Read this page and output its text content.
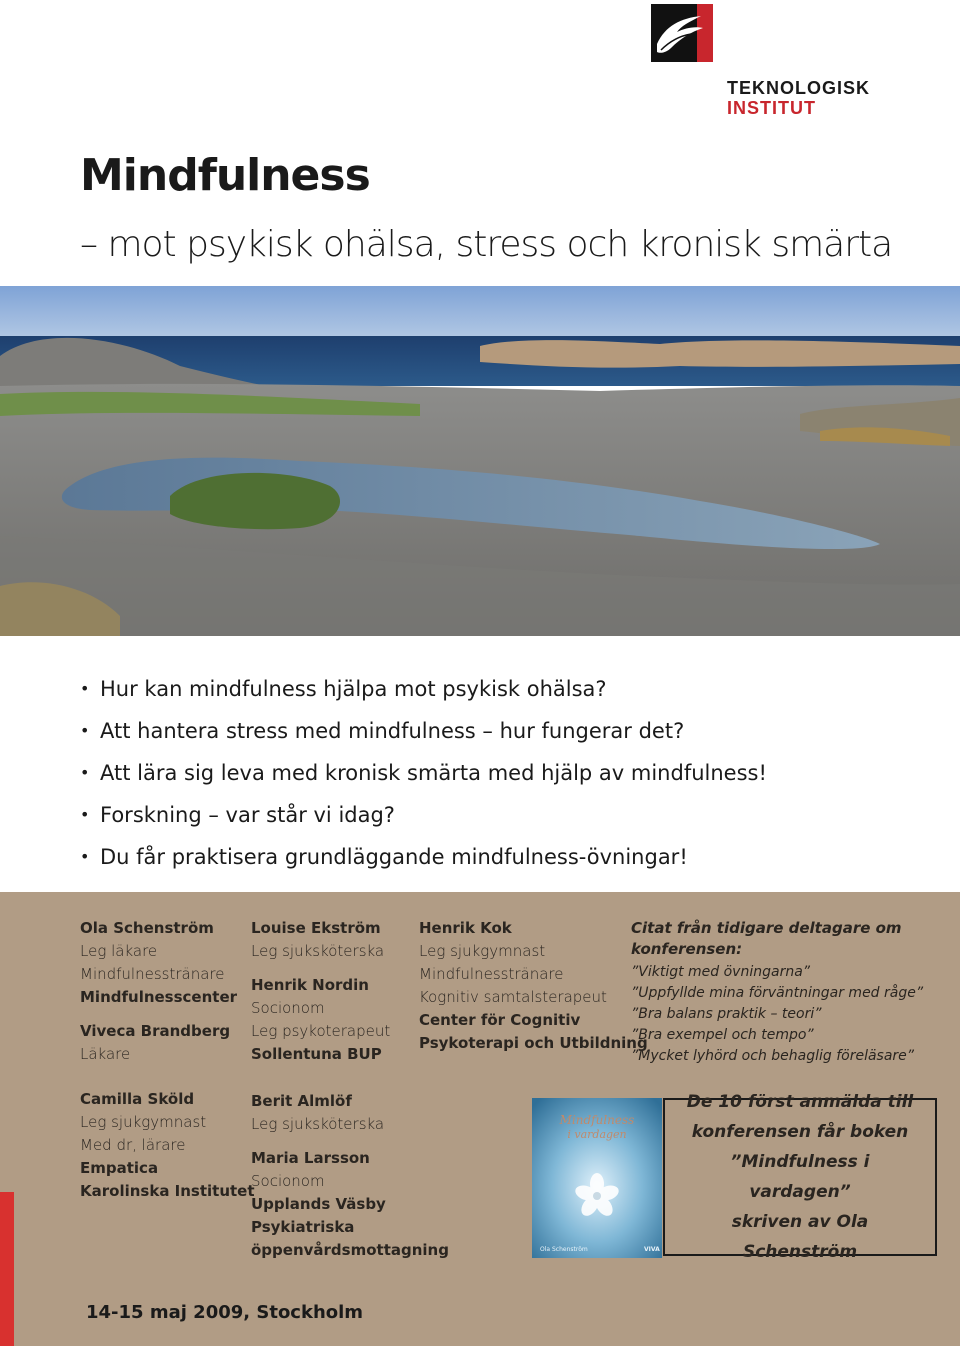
TEKNOLOGISK
INSTITUT
Mindfulness
– mot psykisk ohälsa, stress och kronisk smärta
• Hur kan mindfulness hjälpa mot psykisk ohälsa?
• Att hantera stress med mindfulness – hur fungerar det?
• Att lära sig leva med kronisk smärta med hjälp av mindfulness!
• Forskning – var står vi idag?
• Du får praktisera grundläggande mindfulness-övningar!
Ola Schenström
Leg läkare
Mindfulnesstränare
Mindfulnesscenter
Viveca Brandberg
Läkare
Camilla Sköld
Leg sjukgymnast
Med dr, lärare
Empatica
Karolinska Institutet
Louise Ekström
Leg sjuksköterska
Henrik Nordin
Socionom
Leg psykoterapeut
Sollentuna BUP
Berit Almlöf
Leg sjuksköterska
Maria Larsson
Socionom
Upplands Väsby
Psykiatriska
öppenvårdsmottagning
Henrik Kok
Leg sjukgymnast
Mindfulnesstränare
Kognitiv samtalsterapeut
Center för Cognitiv
Psykoterapi och Utbildning
Citat från tidigare deltagare om konferensen:
”Viktigt med övningarna”
”Uppfyllde mina förväntningar med råge”
”Bra balans praktik – teori”
”Bra exempel och tempo”
”Mycket lyhörd och behaglig föreläsare”
Mindfulness
i vardagen
Ola Schenström	VIVA
De 10 först anmälda till
konferensen får boken
”Mindfulness i vardagen”
skriven av Ola Schenström
14-15 maj 2009, Stockholm
